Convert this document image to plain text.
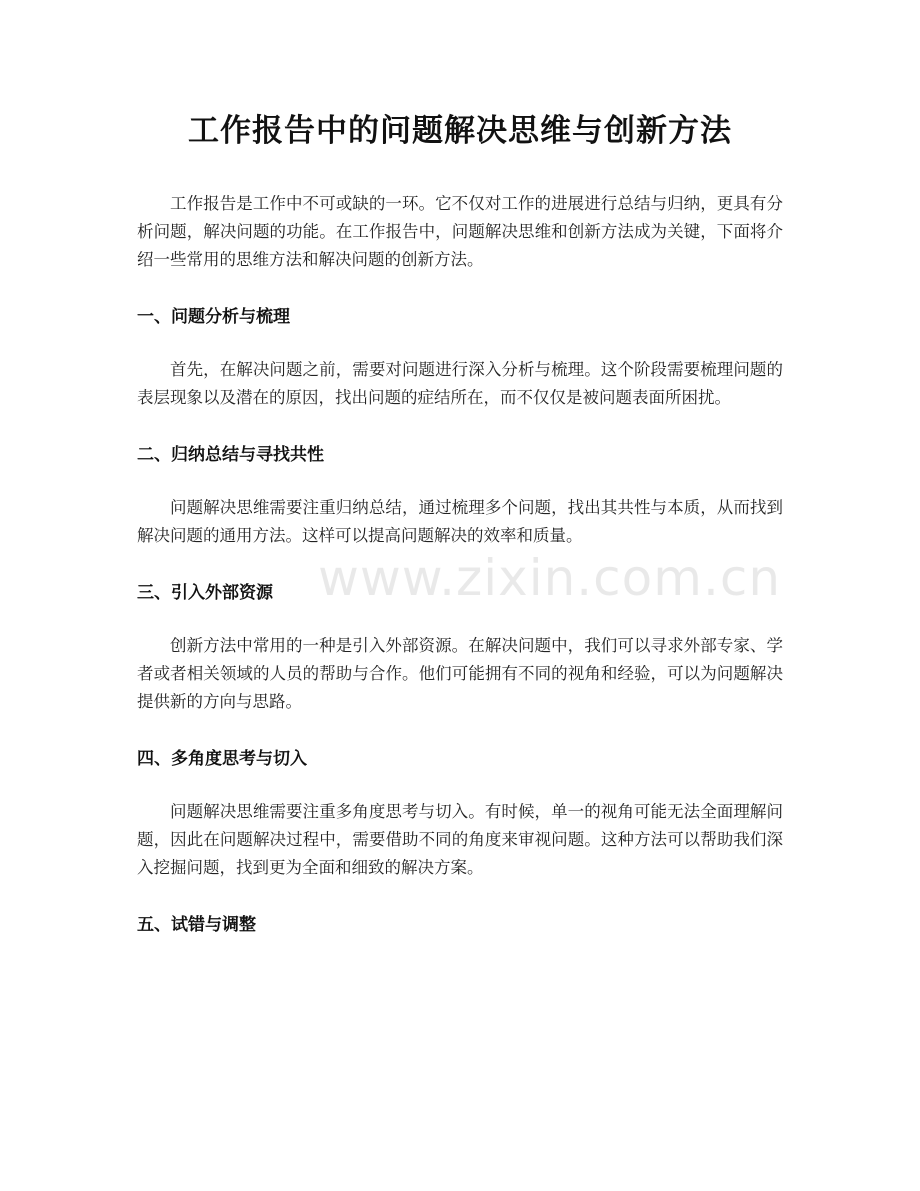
工作报告中的问题解决思维与创新方法

工作报告是工作中不可或缺的一环。它不仅对工作的进展进行总结与归纳，更具有分析问题，解决问题的功能。在工作报告中，问题解决思维和创新方法成为关键，下面将介绍一些常用的思维方法和解决问题的创新方法。

一、问题分析与梳理

首先，在解决问题之前，需要对问题进行深入分析与梳理。这个阶段需要梳理问题的表层现象以及潜在的原因，找出问题的症结所在，而不仅仅是被问题表面所困扰。

二、归纳总结与寻找共性

问题解决思维需要注重归纳总结，通过梳理多个问题，找出其共性与本质，从而找到解决问题的通用方法。这样可以提高问题解决的效率和质量。

三、引入外部资源

创新方法中常用的一种是引入外部资源。在解决问题中，我们可以寻求外部专家、学者或者相关领域的人员的帮助与合作。他们可能拥有不同的视角和经验，可以为问题解决提供新的方向与思路。

四、多角度思考与切入

问题解决思维需要注重多角度思考与切入。有时候，单一的视角可能无法全面理解问题，因此在问题解决过程中，需要借助不同的角度来审视问题。这种方法可以帮助我们深入挖掘问题，找到更为全面和细致的解决方案。

五、试错与调整
www.zixin.com.cn
